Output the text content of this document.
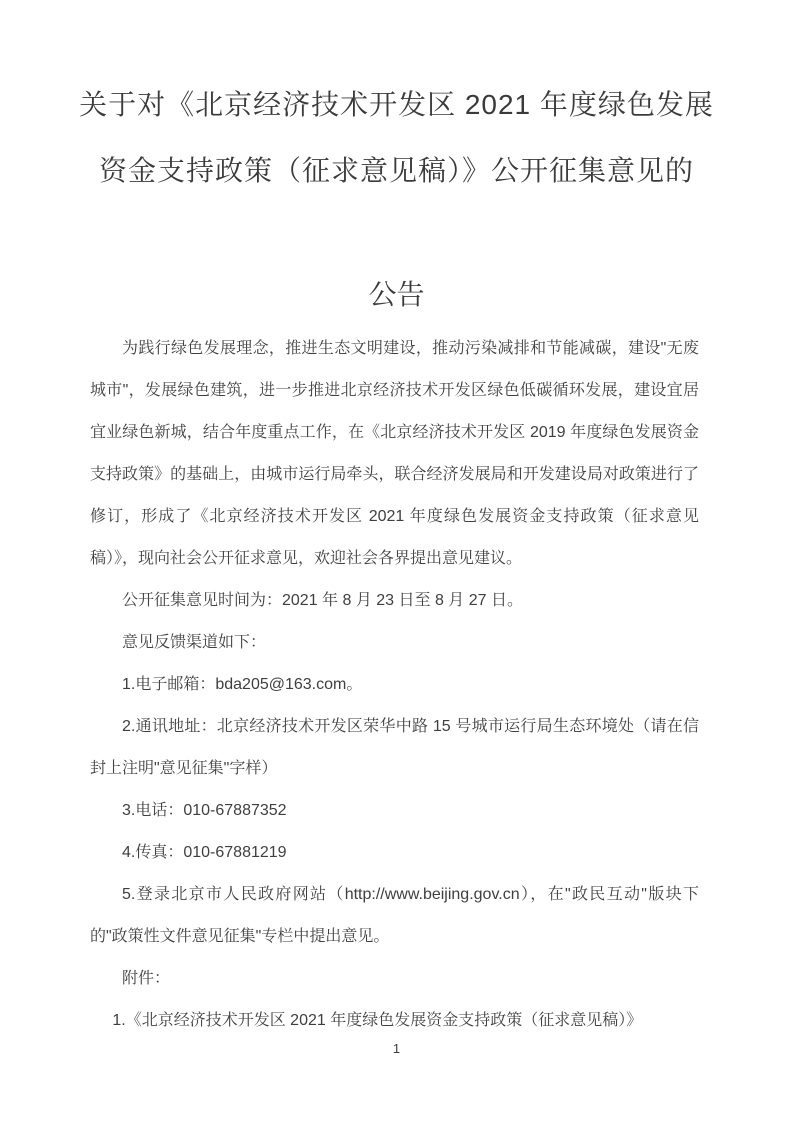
关于对《北京经济技术开发区 2021 年度绿色发展
资金支持政策（征求意见稿）》公开征集意见的
公告

为践行绿色发展理念，推进生态文明建设，推动污染减排和节能减碳，建设"无废城市"，发展绿色建筑，进一步推进北京经济技术开发区绿色低碳循环发展，建设宜居宜业绿色新城，结合年度重点工作，在《北京经济技术开发区 2019 年度绿色发展资金支持政策》的基础上，由城市运行局牵头，联合经济发展局和开发建设局对政策进行了修订，形成了《北京经济技术开发区 2021 年度绿色发展资金支持政策（征求意见稿）》，现向社会公开征求意见，欢迎社会各界提出意见建议。

公开征集意见时间为：2021 年 8 月 23 日至 8 月 27 日。

意见反馈渠道如下：

1.电子邮箱：bda205@163.com。

2.通讯地址：北京经济技术开发区荣华中路 15 号城市运行局生态环境处（请在信封上注明"意见征集"字样）

3.电话：010-67887352

4.传真：010-67881219

5.登录北京市人民政府网站（http://www.beijing.gov.cn），在"政民互动"版块下的"政策性文件意见征集"专栏中提出意见。

附件：

1.《北京经济技术开发区 2021 年度绿色发展资金支持政策（征求意见稿）》

1
